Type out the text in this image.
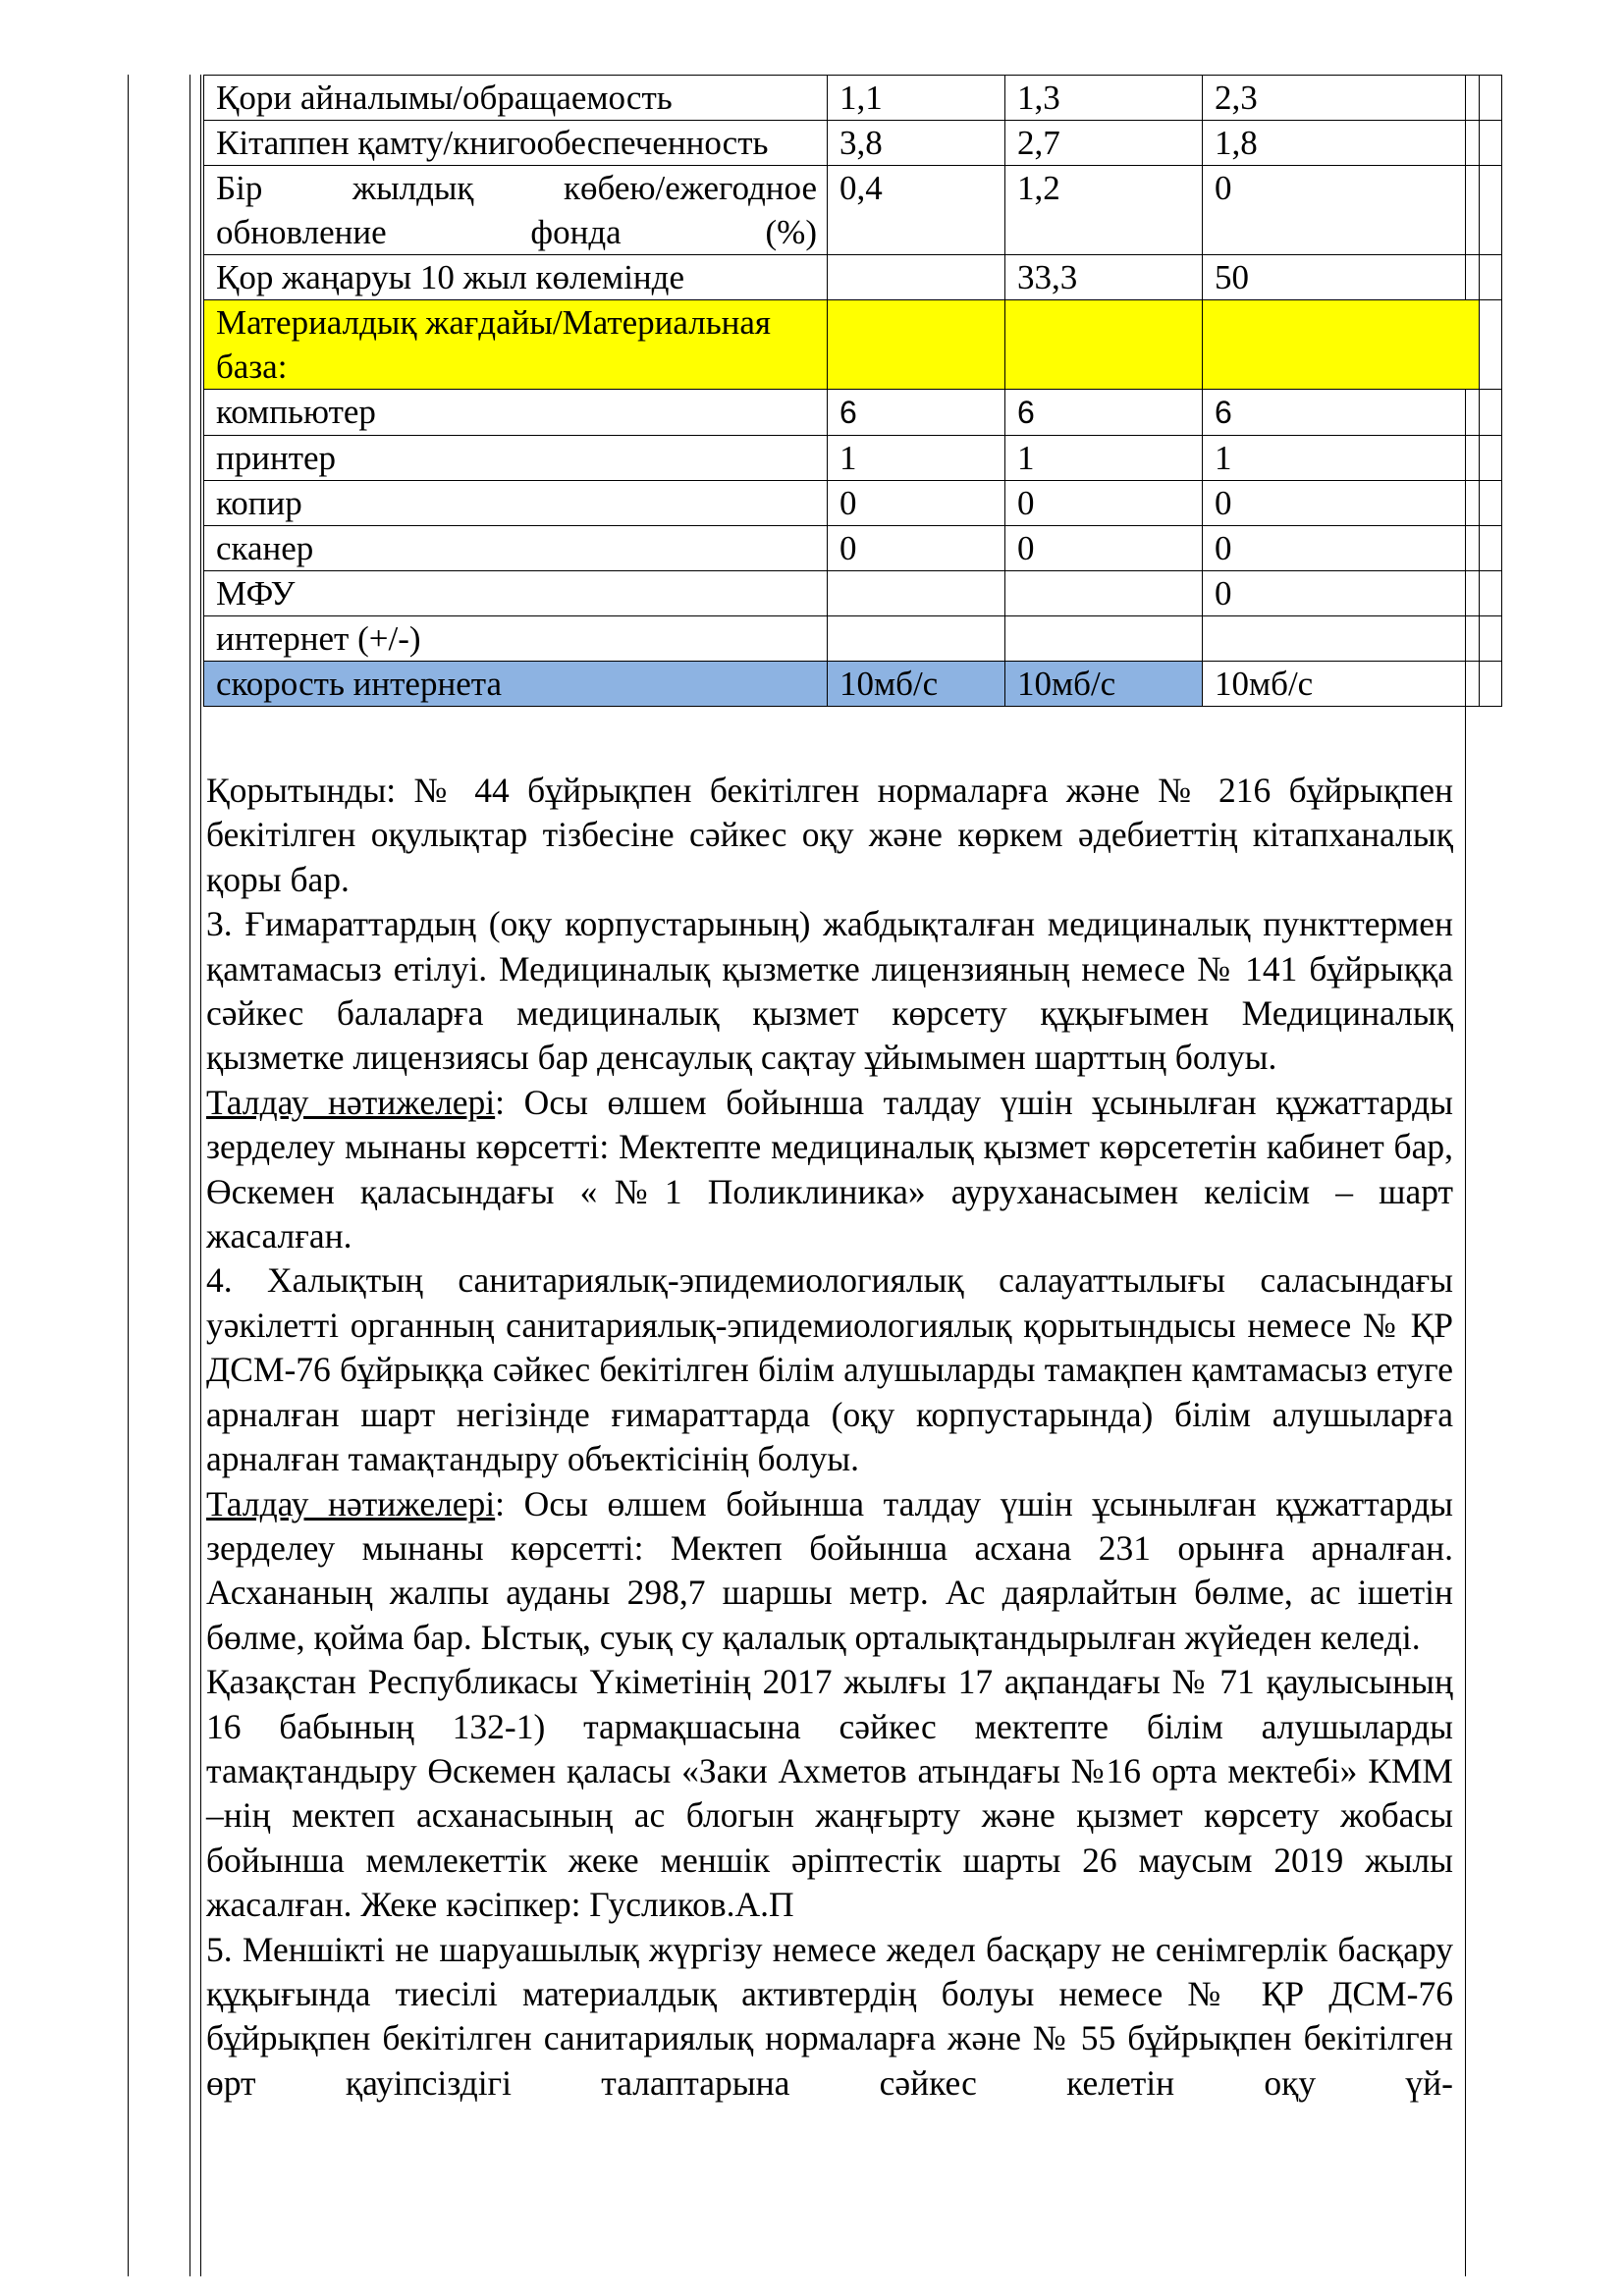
Қори айналымы/обращаемость	1,1	1,3	2,3	
Кітаппен қамту/книгообеспеченность	3,8	2,7	1,8	
Бір жылдық көбею/ежегодное обновление фонда (%)	0,4	1,2	0	
Қор жаңаруы 10 жыл көлемінде		33,3	50	
Материалдық жағдайы/Материальная база:				
компьютер	6	6	6	
принтер	1	1	1	
копир	0	0	0	
сканер	0	0	0	
МФУ			0	
интернет (+/-)				
скорость интернета	10мб/с	10мб/с	10мб/с	

Қорытынды: № 44 бұйрықпен бекітілген нормаларға және № 216 бұйрықпен бекітілген оқулықтар тізбесіне сәйкес оқу және көркем әдебиеттің кітапханалық қоры бар.

3. Ғимараттардың (оқу корпустарының) жабдықталған медициналық пункттермен қамтамасыз етілуі. Медициналық қызметке лицензияның немесе № 141 бұйрыққа сәйкес балаларға медициналық қызмет көрсету құқығымен Медициналық қызметке лицензиясы бар денсаулық сақтау ұйымымен шарттың болуы.

Талдау нәтижелері: Осы өлшем бойынша талдау үшін ұсынылған құжаттарды зерделеу мынаны көрсетті: Мектепте медициналық қызмет көрсететін кабинет бар, Өскемен қаласындағы «№1 Поликлиника» ауруханасымен келісім – шарт жасалған.

4. Халықтың санитариялық-эпидемиологиялық салауаттылығы саласындағы уәкілетті органның санитариялық-эпидемиологиялық қорытындысы немесе № ҚР ДСМ-76 бұйрыққа сәйкес бекітілген білім алушыларды тамақпен қамтамасыз етуге арналған шарт негізінде ғимараттарда (оқу корпустарында) білім алушыларға арналған тамақтандыру объектісінің болуы.

Талдау нәтижелері: Осы өлшем бойынша талдау үшін ұсынылған құжаттарды зерделеу мынаны көрсетті: Мектеп бойынша асхана 231 орынға арналған. Асхананың жалпы ауданы 298,7 шаршы метр. Ас даярлайтын бөлме, ас ішетін бөлме, қойма бар. Ыстық, суық су қалалық орталықтандырылған жүйеден келеді.

Қазақстан Республикасы Үкіметінің 2017 жылғы 17 ақпандағы № 71 қаулысының 16 бабының 132-1) тармақшасына сәйкес мектепте білім алушыларды тамақтандыру Өскемен қаласы «Заки Ахметов атындағы №16 орта мектебі» КММ –нің мектеп асханасының ас блогын жаңғырту және қызмет көрсету жобасы бойынша мемлекеттік жеке меншік әріптестік шарты 26 маусым 2019 жылы жасалған. Жеке кәсіпкер: Гусликов.А.П

5. Меншікті не шаруашылық жүргізу немесе жедел басқару не сенімгерлік басқару құқығында тиесілі материалдық активтердің болуы немесе № ҚР ДСМ-76 бұйрықпен бекітілген санитариялық нормаларға және № 55 бұйрықпен бекітілген өрт қауіпсіздігі талаптарына сәйкес келетін оқу үй-
